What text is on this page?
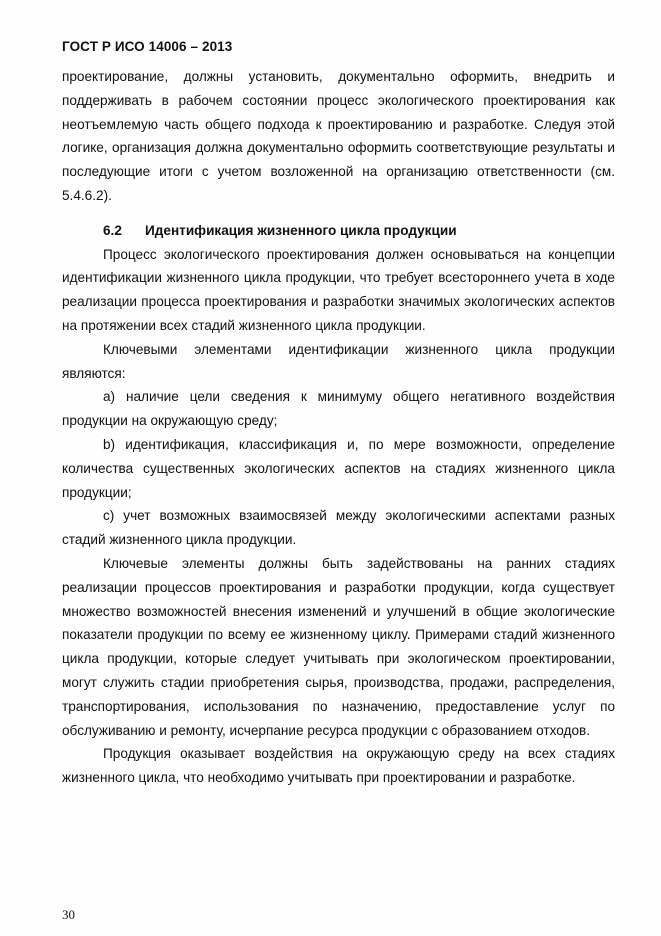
ГОСТ Р ИСО 14006 – 2013

проектирование, должны установить, документально оформить, внедрить и поддерживать в рабочем состоянии процесс экологического проектирования как неотъемлемую часть общего подхода к проектированию и разработке. Следуя этой логике, организация должна документально оформить соответствующие результаты и последующие итоги с учетом возложенной на организацию ответственности (см. 5.4.6.2).

6.2 Идентификация жизненного цикла продукции

Процесс экологического проектирования должен основываться на концепции идентификации жизненного цикла продукции, что требует всестороннего учета в ходе реализации процесса проектирования и разработки значимых экологических аспектов на протяжении всех стадий жизненного цикла продукции.

Ключевыми элементами идентификации жизненного цикла продукции являются:

a) наличие цели сведения к минимуму общего негативного воздействия продукции на окружающую среду;

b) идентификация, классификация и, по мере возможности, определение количества существенных экологических аспектов на стадиях жизненного цикла продукции;

c) учет возможных взаимосвязей между экологическими аспектами разных стадий жизненного цикла продукции.

Ключевые элементы должны быть задействованы на ранних стадиях реализации процессов проектирования и разработки продукции, когда существует множество возможностей внесения изменений и улучшений в общие экологические показатели продукции по всему ее жизненному циклу. Примерами стадий жизненного цикла продукции, которые следует учитывать при экологическом проектировании, могут служить стадии приобретения сырья, производства, продажи, распределения, транспортирования, использования по назначению, предоставление услуг по обслуживанию и ремонту, исчерпание ресурса продукции с образованием отходов.

Продукция оказывает воздействия на окружающую среду на всех стадиях жизненного цикла, что необходимо учитывать при проектировании и разработке.

30
